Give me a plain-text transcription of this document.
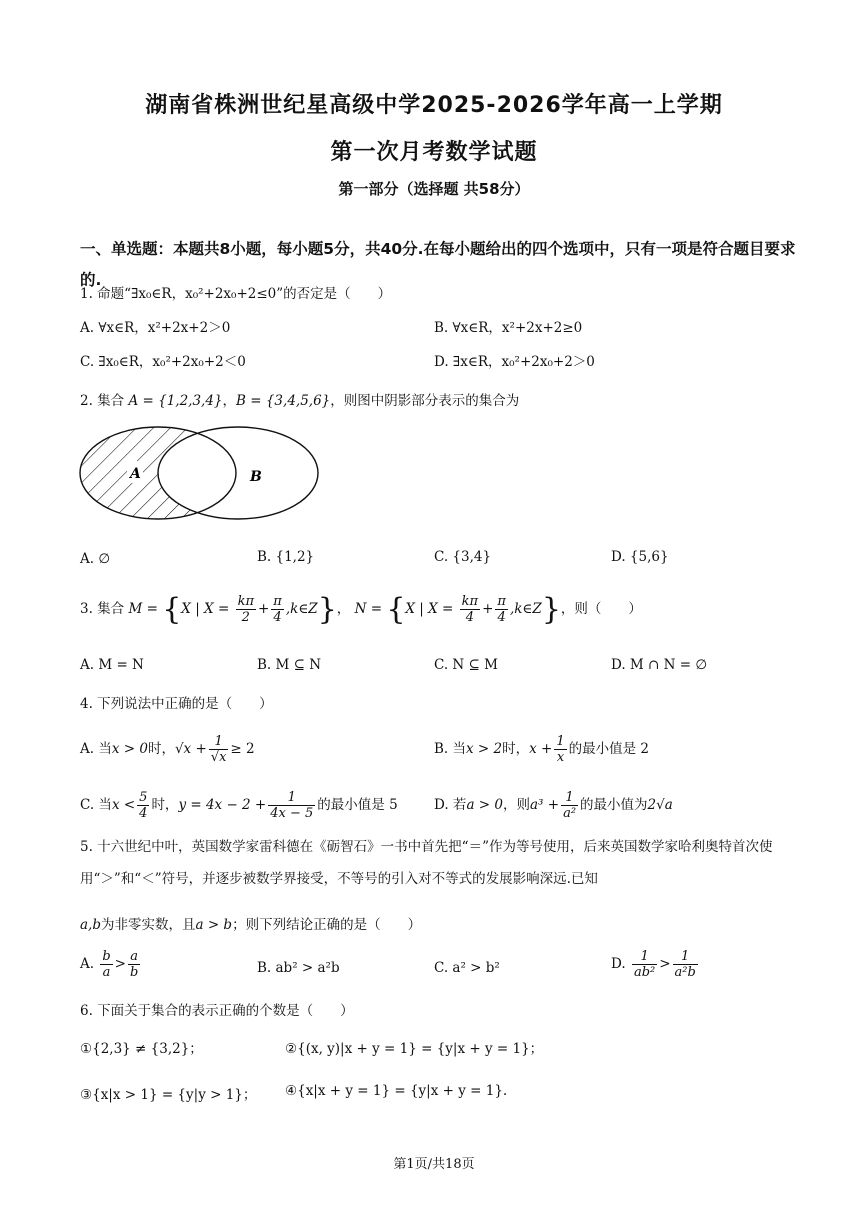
湖南省株洲世纪星高级中学2025-2026学年高一上学期
第一次月考数学试题
第一部分（选择题 共58分）
一、单选题：本题共8小题，每小题5分，共40分.在每小题给出的四个选项中，只有一项是符合题目要求的.
1. 命题“∃x₀∈R，x₀²+2x₀+2≤0”的否定是（　　）
A. ∀x∈R，x²+2x+2＞0	B. ∀x∈R，x²+2x+2≥0
C. ∃x₀∈R，x₀²+2x₀+2＜0	D. ∃x∈R，x₀²+2x₀+2＞0
2. 集合 A = {1,2,3,4}，B = {3,4,5,6}，则图中阴影部分表示的集合为
A	B
A. ∅	B. {1,2}	C. {3,4}	D. {5,6}
3. 集合 M = {X | $X = \frac{k\pi}{2} + \frac{\pi}{4}$ ,k∈Z}， N = {X | $X = \frac{k\pi}{4} + \frac{\pi}{4}$ ,k∈Z}，则（　　）
A. M = N	B. M ⊆ N	C. N ⊆ M	D. M ∩ N = ∅
4. 下列说法中正确的是（　　）
A. 当x > 0时，$√x + \frac{1}{√x} \ge 2$	B. 当x > 2时，$x + \frac{1}{x}$ 的最小值是 2
C. 当$x < \frac{5}{4}$ 时，$y = 4x - 2 + \frac{1}{4x - 5}$ 的最小值是 5	D. 若a > 0，则$a^3 + \frac{1}{\text{a²}}$ 的最小值为2√a
5. 十六世纪中叶，英国数学家雷科德在《砺智石》一书中首先把“＝”作为等号使用，后来英国数学家哈利奥特首次使用“＞”和“＜”符号，并逐步被数学界接受，不等号的引入对不等式的发展影响深远.已知
a,b为非零实数，且a > b；则下列结论正确的是（　　）
A. $\frac{b}{a} > \frac{a}{b}$	B. ab² > a²b	C. a² > b²	D. $\frac{1}{\text{ab²}} > \frac{1}{\text{a²b}}$
6. 下面关于集合的表示正确的个数是（　　）
①{2,3} ≠ {3,2}；	②{(x, y)|x + y = 1} = {y|x + y = 1}；
③{x|x > 1} = {y|y > 1}； ④{x|x + y = 1} = {y|x + y = 1}.
第1页/共18页
